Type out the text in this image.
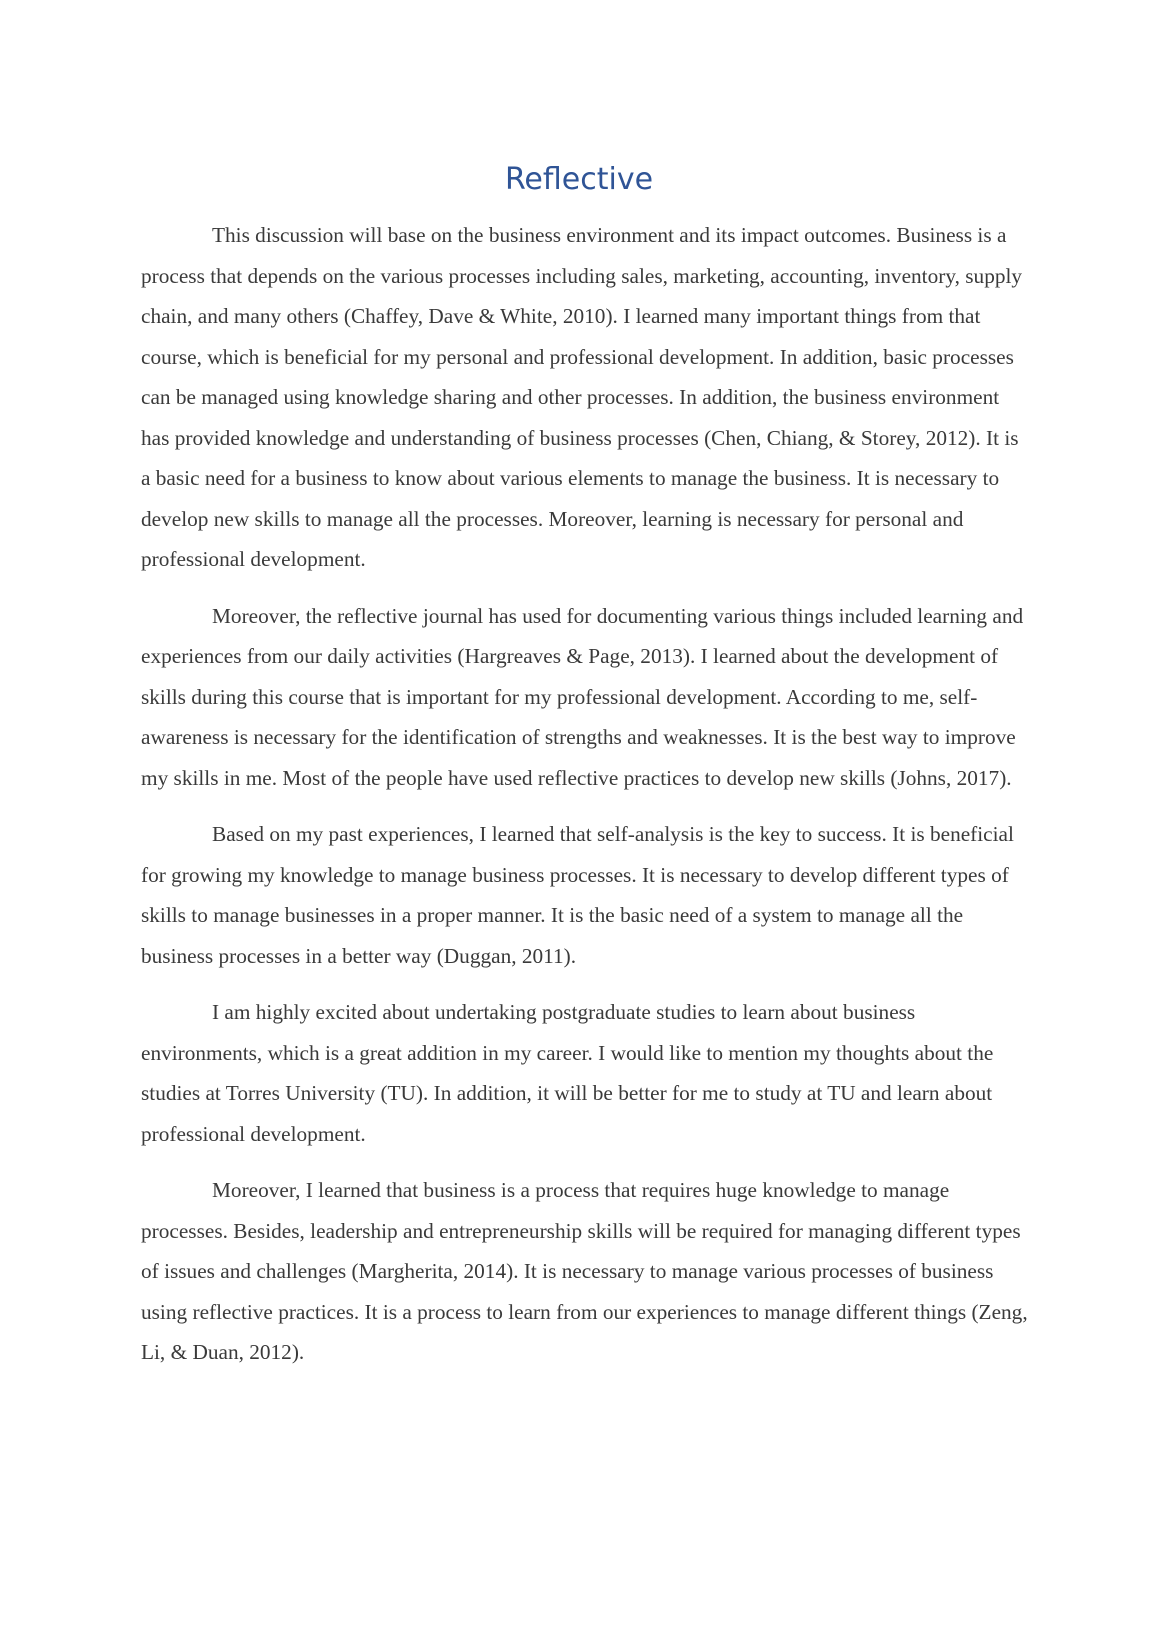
Reflective

This discussion will base on the business environment and its impact outcomes. Business is a process that depends on the various processes including sales, marketing, accounting, inventory, supply chain, and many others (Chaffey, Dave & White, 2010). I learned many important things from that course, which is beneficial for my personal and professional development. In addition, basic processes can be managed using knowledge sharing and other processes. In addition, the business environment has provided knowledge and understanding of business processes (Chen, Chiang, & Storey, 2012). It is a basic need for a business to know about various elements to manage the business. It is necessary to develop new skills to manage all the processes. Moreover, learning is necessary for personal and professional development.

Moreover, the reflective journal has used for documenting various things included learning and experiences from our daily activities (Hargreaves & Page, 2013). I learned about the development of skills during this course that is important for my professional development. According to me, self-awareness is necessary for the identification of strengths and weaknesses. It is the best way to improve my skills in me. Most of the people have used reflective practices to develop new skills (Johns, 2017).

Based on my past experiences, I learned that self-analysis is the key to success. It is beneficial for growing my knowledge to manage business processes. It is necessary to develop different types of skills to manage businesses in a proper manner. It is the basic need of a system to manage all the business processes in a better way (Duggan, 2011).

I am highly excited about undertaking postgraduate studies to learn about business environments, which is a great addition in my career. I would like to mention my thoughts about the studies at Torres University (TU). In addition, it will be better for me to study at TU and learn about professional development.

Moreover, I learned that business is a process that requires huge knowledge to manage processes. Besides, leadership and entrepreneurship skills will be required for managing different types of issues and challenges (Margherita, 2014). It is necessary to manage various processes of business using reflective practices. It is a process to learn from our experiences to manage different things (Zeng, Li, & Duan, 2012).
